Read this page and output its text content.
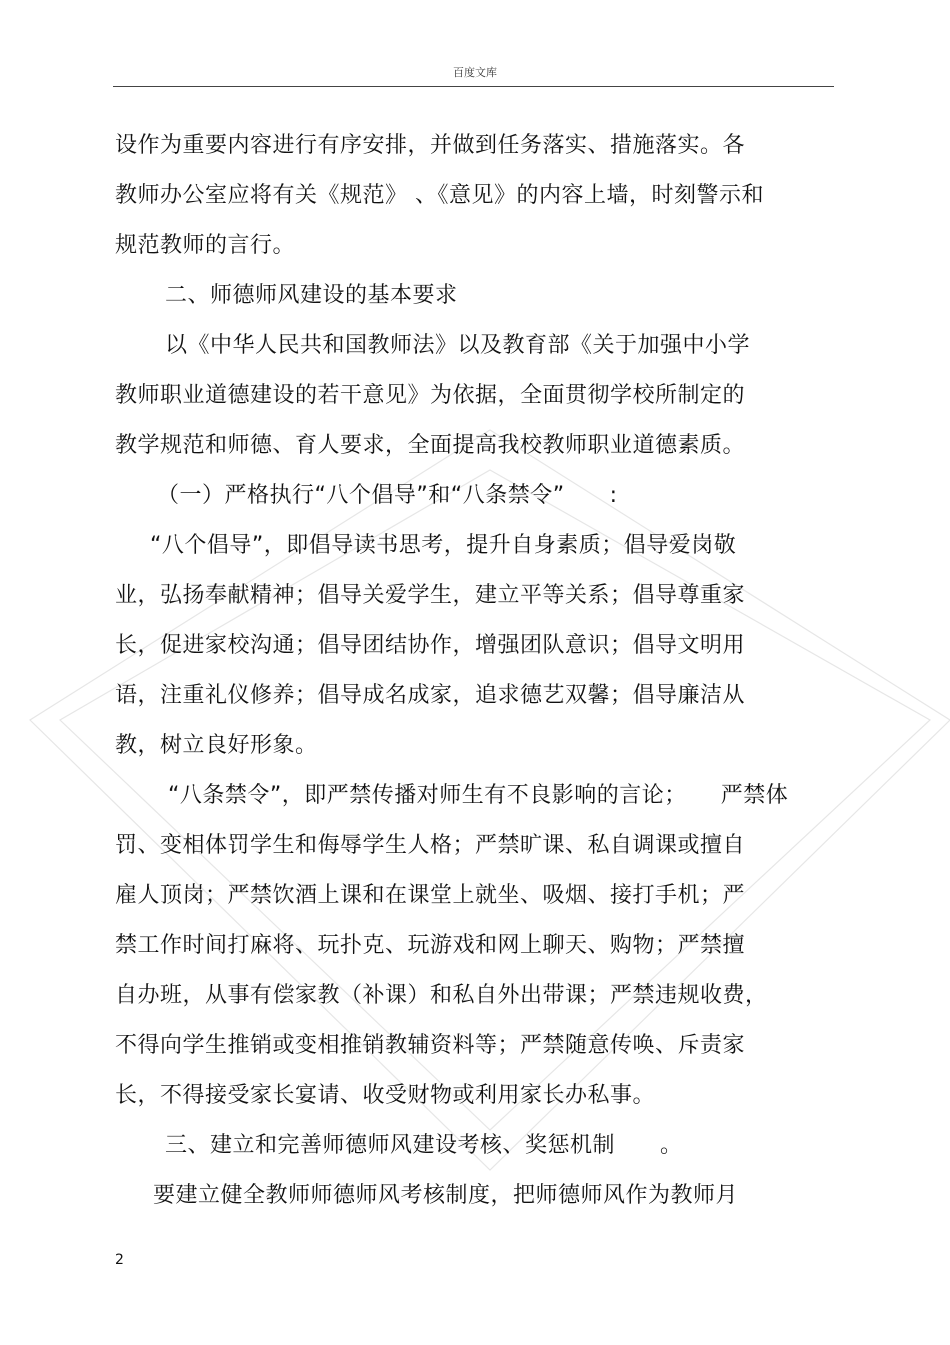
百度文库
设作为重要内容进行有序安排，并做到任务落实、措施落实。各
教师办公室应将有关《规范》 、《意见》的内容上墙，时刻警示和
规范教师的言行。
二、师德师风建设的基本要求
以《中华人民共和国教师法》以及教育部《关于加强中小学
教师职业道德建设的若干意见》为依据，全面贯彻学校所制定的
教学规范和师德、育人要求，全面提高我校教师职业道德素质。
（一）严格执行“八个倡导”和“八条禁令”　　:
“八个倡导”，即倡导读书思考，提升自身素质；倡导爱岗敬
业，弘扬奉献精神；倡导关爱学生，建立平等关系；倡导尊重家
长，促进家校沟通；倡导团结协作，增强团队意识；倡导文明用
语，注重礼仪修养；倡导成名成家，追求德艺双馨；倡导廉洁从
教，树立良好形象。
“八条禁令”，即严禁传播对师生有不良影响的言论；　　严禁体
罚、变相体罚学生和侮辱学生人格；严禁旷课、私自调课或擅自
雇人顶岗；严禁饮酒上课和在课堂上就坐、吸烟、接打手机；严
禁工作时间打麻将、玩扑克、玩游戏和网上聊天、购物；严禁擅
自办班，从事有偿家教（补课）和私自外出带课；严禁违规收费，
不得向学生推销或变相推销教辅资料等；严禁随意传唤、斥责家
长，不得接受家长宴请、收受财物或利用家长办私事。
三、建立和完善师德师风建设考核、奖惩机制　　。
要建立健全教师师德师风考核制度，把师德师风作为教师月
2
